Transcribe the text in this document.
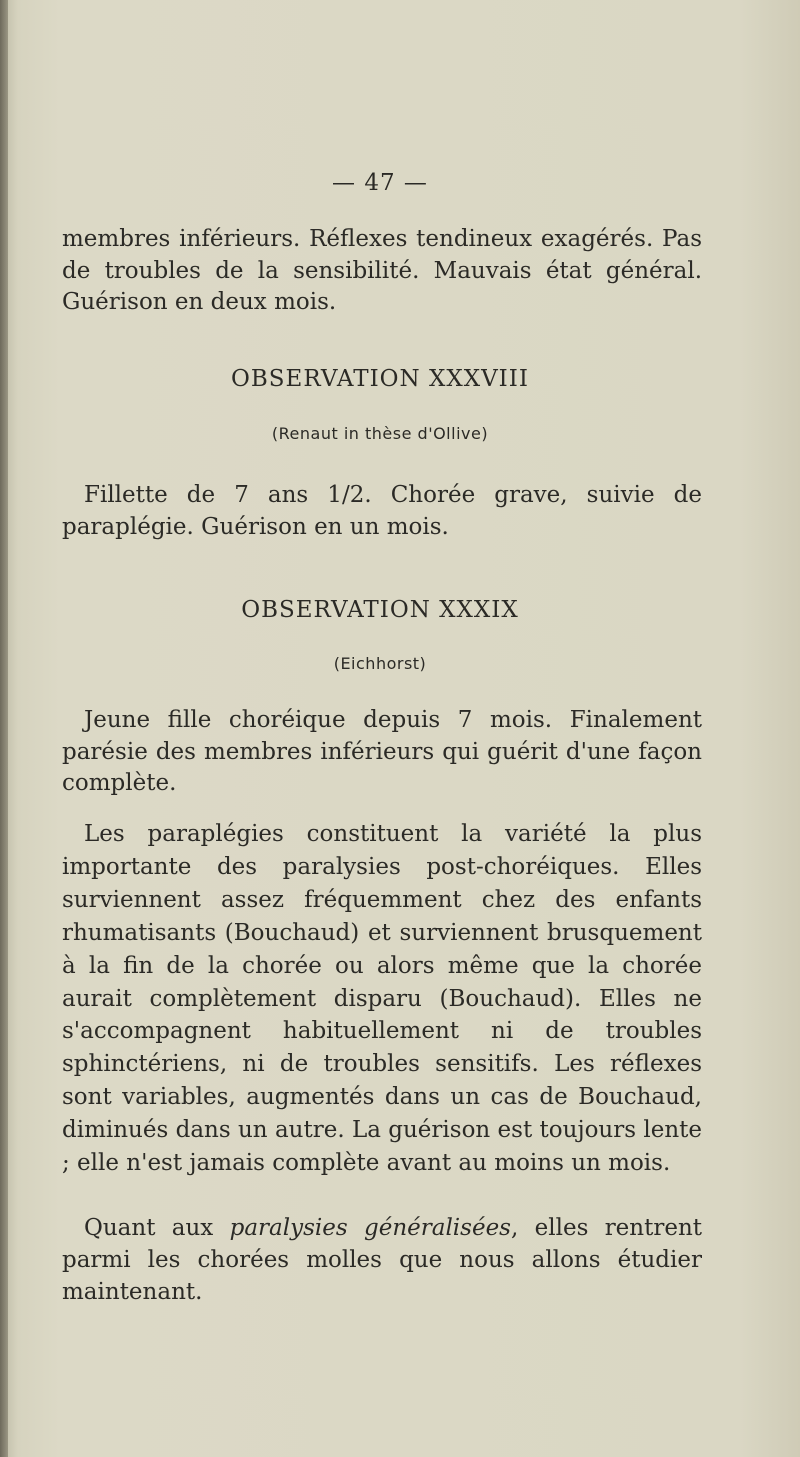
— 47 —

membres inférieurs. Réflexes tendineux exagérés. Pas de troubles de la sensibilité. Mauvais état général. Guérison en deux mois.

OBSERVATION XXXVIII
(Renaut in thèse d'Ollive)

Fillette de 7 ans 1/2. Chorée grave, suivie de paraplégie. Guérison en un mois.

OBSERVATION XXXIX
(Eichhorst)

Jeune fille choréique depuis 7 mois. Finalement parésie des membres inférieurs qui guérit d'une façon complète.

Les paraplégies constituent la variété la plus importante des paralysies post-choréiques. Elles surviennent assez fréquemment chez des enfants rhumatisants (Bouchaud) et surviennent brusquement à la fin de la chorée ou alors même que la chorée aurait complètement disparu (Bouchaud). Elles ne s'accompagnent habituellement ni de troubles sphinctériens, ni de troubles sensitifs. Les réflexes sont variables, augmentés dans un cas de Bouchaud, diminués dans un autre. La guérison est toujours lente ; elle n'est jamais complète avant au moins un mois.

Quant aux paralysies généralisées, elles rentrent parmi les chorées molles que nous allons étudier maintenant.
